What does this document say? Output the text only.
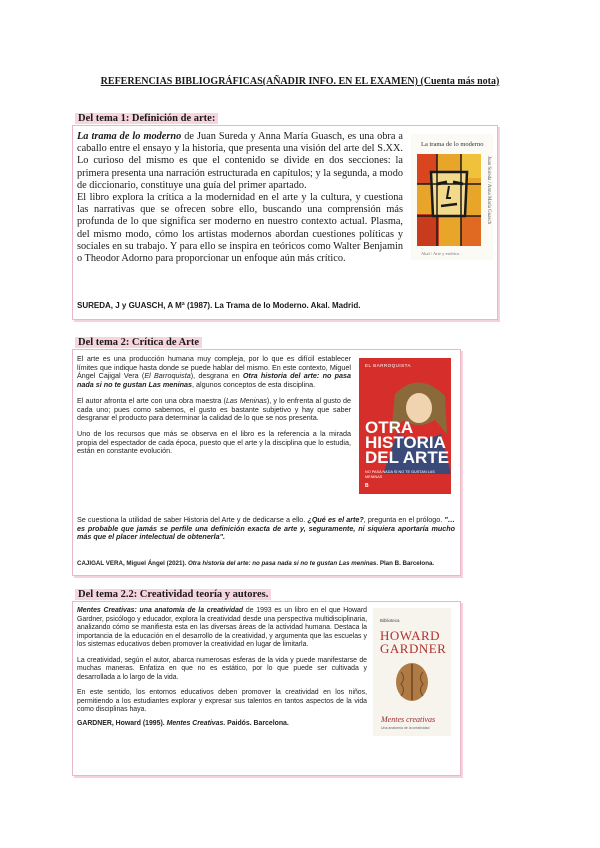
REFERENCIAS BIBLIOGRÁFICAS(AÑADIR INFO. EN EL EXAMEN) (Cuenta más nota)
Del tema 1: Definición de arte:

La trama de lo moderno de Juan Sureda y Anna María Guasch, es una obra a caballo entre el ensayo y la historia, que presenta una visión del arte del S.XX. Lo curioso del mismo es que el contenido se divide en dos secciones: la primera presenta una narración estructurada en capítulos; y la segunda, a modo de diccionario, constituye una guía del primer apartado.

El libro explora la crítica a la modernidad en el arte y la cultura, y cuestiona las narrativas que se ofrecen sobre ello, buscando una comprensión más profunda de lo que significa ser moderno en nuestro contexto actual. Plasma, del mismo modo, cómo los artistas modernos abordan cuestiones políticas y sociales en su trabajo. Y para ello se inspira en teóricos como Walter Benjamin o Theodor Adorno para proporcionar un enfoque aún más crítico.

SUREDA, J y GUASCH, A Mª (1987). La Trama de lo Moderno. Akal. Madrid.
La trama de lo moderno
Juan Sureda / Anna María Guasch
Akal / Arte y estética
Del tema 2: Crítica de Arte

El arte es una producción humana muy compleja, por lo que es difícil establecer límites que indique hasta donde se puede hablar del mismo. En este contexto, Miguel Ángel Cajigal Vera (El Barroquista), desgrana en Otra historia del arte: no pasa nada si no te gustan Las meninas, algunos conceptos de esta disciplina.

El autor afronta el arte con una obra maestra (Las Meninas), y lo enfrenta al gusto de cada uno; pues como sabemos, el gusto es bastante subjetivo y hay que saber desgranar el producto para determinar la calidad de lo que se nos presenta.

Uno de los recursos que más se observa en el libro es la referencia a la mirada propia del espectador de cada época, puesto que el arte y la disciplina que lo estudia, están en constante evolución.

Se cuestiona la utilidad de saber Historia del Arte y de dedicarse a ello. ¿Qué es el arte?, pregunta en el prólogo. "…es probable que jamás se perfile una definición exacta de arte y, seguramente, ni siquiera aportaría mucho más que el placer intelectual de obtenerla".
CAJIGAL VERA, Miguel Ángel (2021). Otra historia del arte: no pasa nada si no te gustan Las meninas. Plan B. Barcelona.
EL BARROQUISTA
OTRA HISTORIA DEL ARTE
NO PASA NADA SI NO TE GUSTAN LAS MENINAS
B
Del tema 2.2: Creatividad teoría y autores.

Mentes Creativas: una anatomía de la creatividad de 1993 es un libro en el que Howard Gardner, psicólogo y educador, explora la creatividad desde una perspectiva multidisciplinaria, analizando cómo se manifiesta esta en las diversas áreas de la actividad humana. Destaca la importancia de la educación en el desarrollo de la creatividad, y argumenta que las escuelas y los sistemas educativos deben promover la creatividad en lugar de limitarla.

La creatividad, según el autor, abarca numerosas esferas de la vida y puede manifestarse de muchas maneras. Enfatiza en que no es estático, por lo que puede ser cultivada y desarrollada a lo largo de la vida.

En este sentido, los entornos educativos deben promover la creatividad en los niños, permitiendo a los estudiantes explorar y expresar sus talentos en tantos aspectos de la vida como disciplinas haya.

GARDNER, Howard (1995). Mentes Creativas. Paidós. Barcelona.

Biblioteca
HOWARD
GARDNER
Mentes creativas
Una anatomía de la creatividad
